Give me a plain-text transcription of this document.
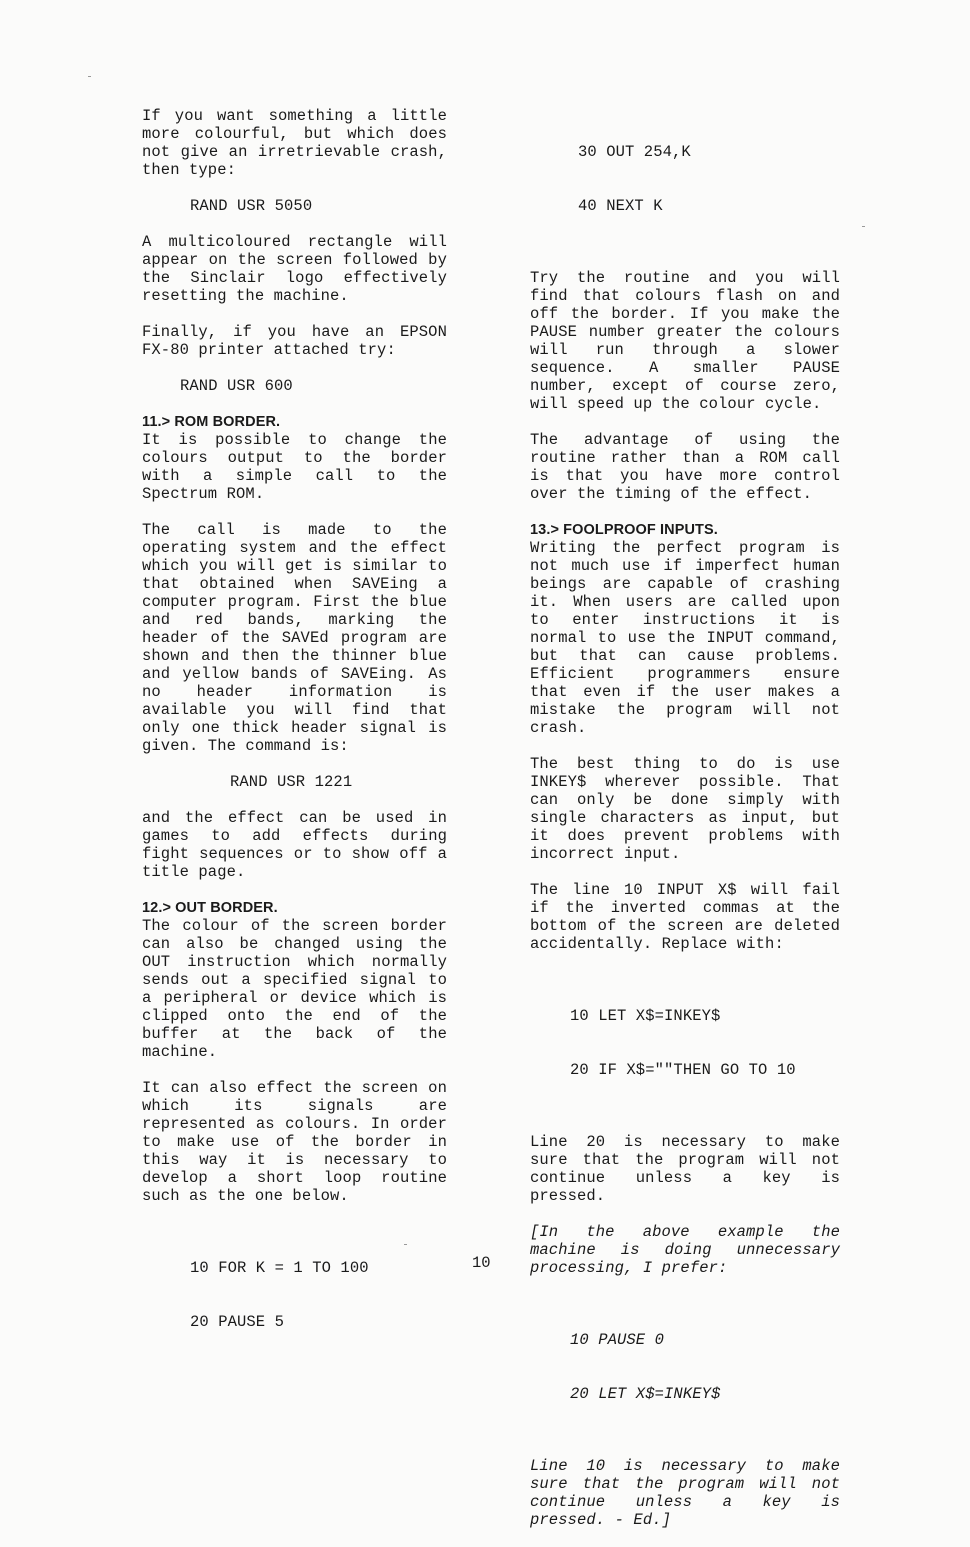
If you want something a little more colourful, but which does not give an irretrievable crash, then type:

RAND USR 5050

A multicoloured rectangle will appear on the screen followed by the Sinclair logo effectively resetting the machine.

Finally, if you have an EPSON FX-80 printer attached try:

RAND USR 600
11.> ROM BORDER.

It is possible to change the colours output to the border with a simple call to the Spectrum ROM.

The call is made to the operating system and the effect which you will get is similar to that obtained when SAVEing a computer program. First the blue and red bands, marking the header of the SAVEd program are shown and then the thinner blue and yellow bands of SAVEing. As no header information is available you will find that only one thick header signal is given. The command is:

RAND USR 1221

and the effect can be used in games to add effects during fight sequences or to show off a title page.

12.> OUT BORDER.

The colour of the screen border can also be changed using the OUT instruction which normally sends out a specified signal to a peripheral or device which is clipped onto the end of the buffer at the back of the machine.

It can also effect the screen on which its signals are represented as colours. In order to make use of the border in this way it is necessary to develop a short loop routine such as the one below.

10 FOR K = 1 TO 100

20 PAUSE 5

30 OUT 254,K

40 NEXT K

Try the routine and you will find that colours flash on and off the border. If you make the PAUSE number greater the colours will run through a slower sequence. A smaller PAUSE number, except of course zero, will speed up the colour cycle.

The advantage of using the routine rather than a ROM call is that you have more control over the timing of the effect.

13.> FOOLPROOF INPUTS.

Writing the perfect program is not much use if imperfect human beings are capable of crashing it. When users are called upon to enter instructions it is normal to use the INPUT command, but that can cause problems. Efficient programmers ensure that even if the user makes a mistake the program will not crash.

The best thing to do is use INKEY$ wherever possible. That can only be done simply with single characters as input, but it does prevent problems with incorrect input.

The line 10 INPUT X$ will fail if the inverted commas at the bottom of the screen are deleted accidentally. Replace with:

10 LET X$=INKEY$

20 IF X$=""THEN GO TO 10

Line 20 is necessary to make sure that the program will not continue unless a key is pressed.

[In the above example the machine is doing unnecessary processing, I prefer:

10 PAUSE 0

20 LET X$=INKEY$

Line 10 is necessary to make sure that the program will not continue unless a key is pressed. - Ed.]

10
